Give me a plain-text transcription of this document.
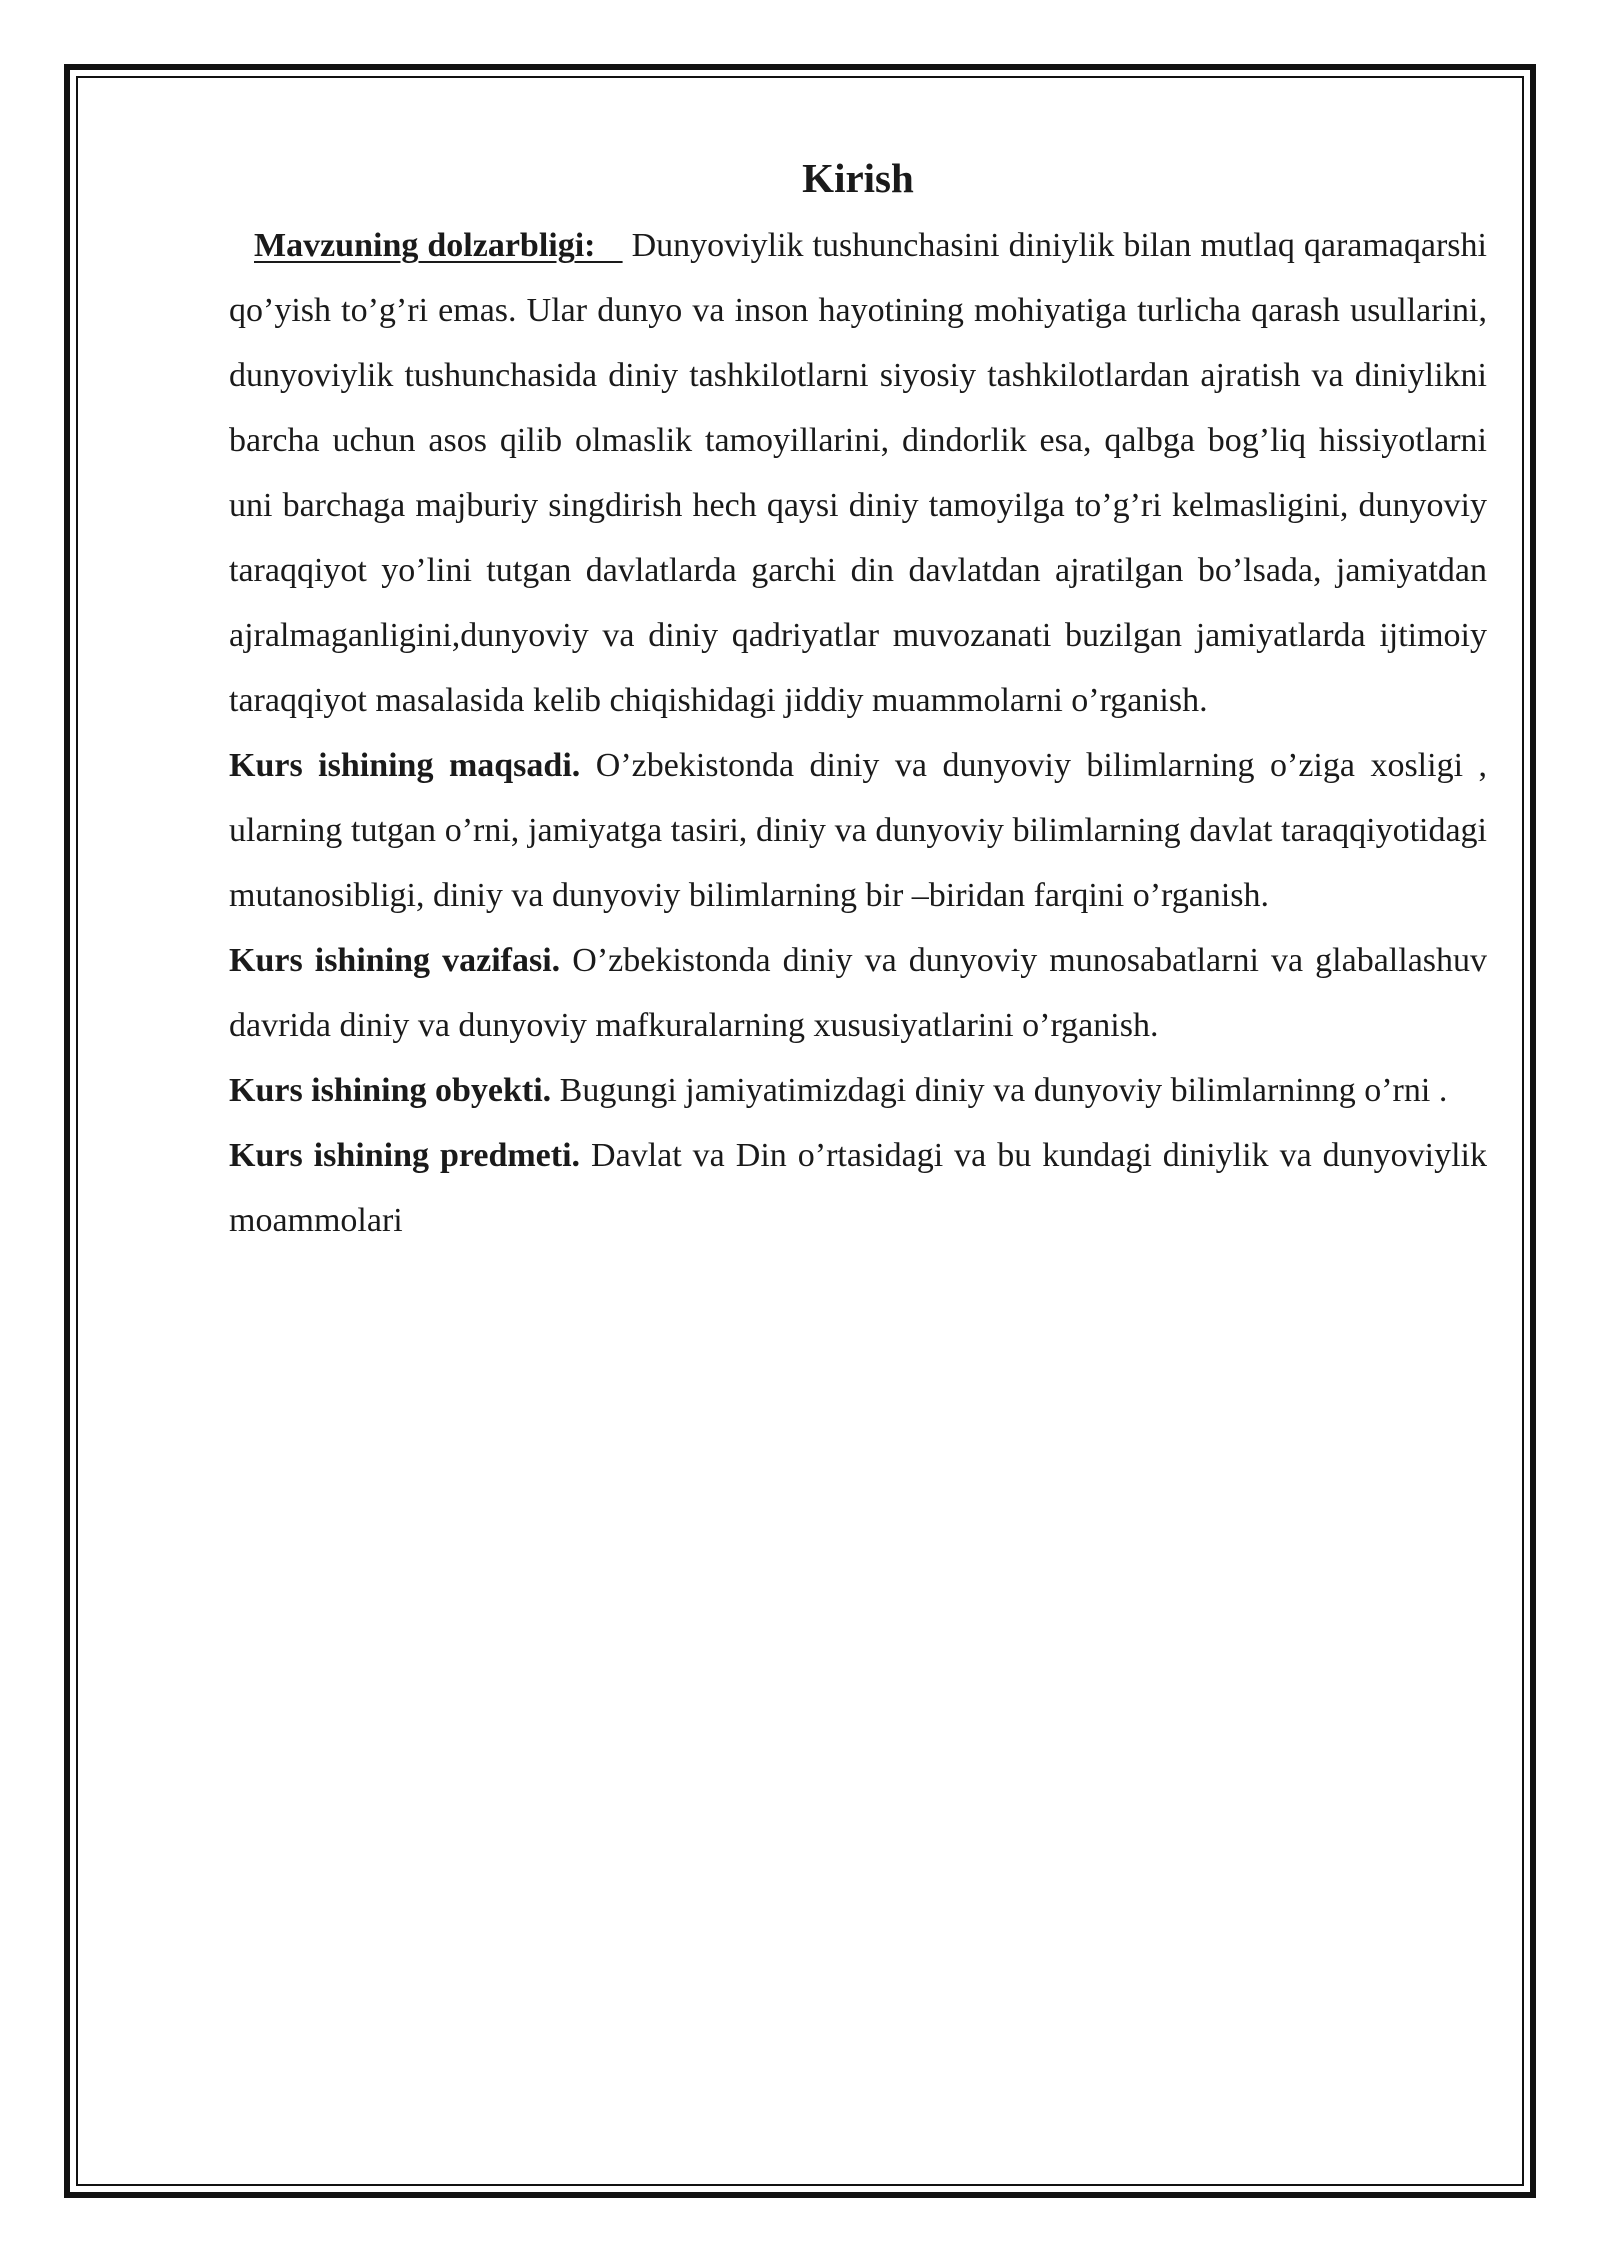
Kirish

Mavzuning dolzarbligi: Dunyoviylik tushunchasini diniylik bilan mutlaq qaramaqarshi qo’yish to’g’ri emas. Ular dunyo va inson hayotining mohiyatiga turlicha qarash usullarini, dunyoviylik tushunchasida diniy tashkilotlarni siyosiy tashkilotlardan ajratish va diniylikni barcha uchun asos qilib olmaslik tamoyillarini, dindorlik esa, qalbga bog’liq hissiyotlarni uni barchaga majburiy singdirish hech qaysi diniy tamoyilga to’g’ri kelmasligini, dunyoviy taraqqiyot yo’lini tutgan davlatlarda garchi din davlatdan ajratilgan bo’lsada, jamiyatdan

ajralmaganligini,dunyoviy va diniy qadriyatlar muvozanati buzilgan jamiyatlarda ijtimoiy taraqqiyot masalasida kelib chiqishidagi jiddiy muammolarni o’rganish.

Kurs ishining maqsadi. O’zbekistonda diniy va dunyoviy bilimlarning o’ziga xosligi , ularning tutgan o’rni, jamiyatga tasiri, diniy va dunyoviy bilimlarning davlat taraqqiyotidagi mutanosibligi, diniy va dunyoviy bilimlarning bir –biridan farqini o’rganish.

Kurs ishining vazifasi. O’zbekistonda diniy va dunyoviy munosabatlarni va glaballashuv davrida diniy va dunyoviy mafkuralarning xususiyatlarini o’rganish.

Kurs ishining obyekti. Bugungi jamiyatimizdagi diniy va dunyoviy bilimlarninng o’rni .

Kurs ishining predmeti. Davlat va Din o’rtasidagi va bu kundagi diniylik va dunyoviylik moammolari
